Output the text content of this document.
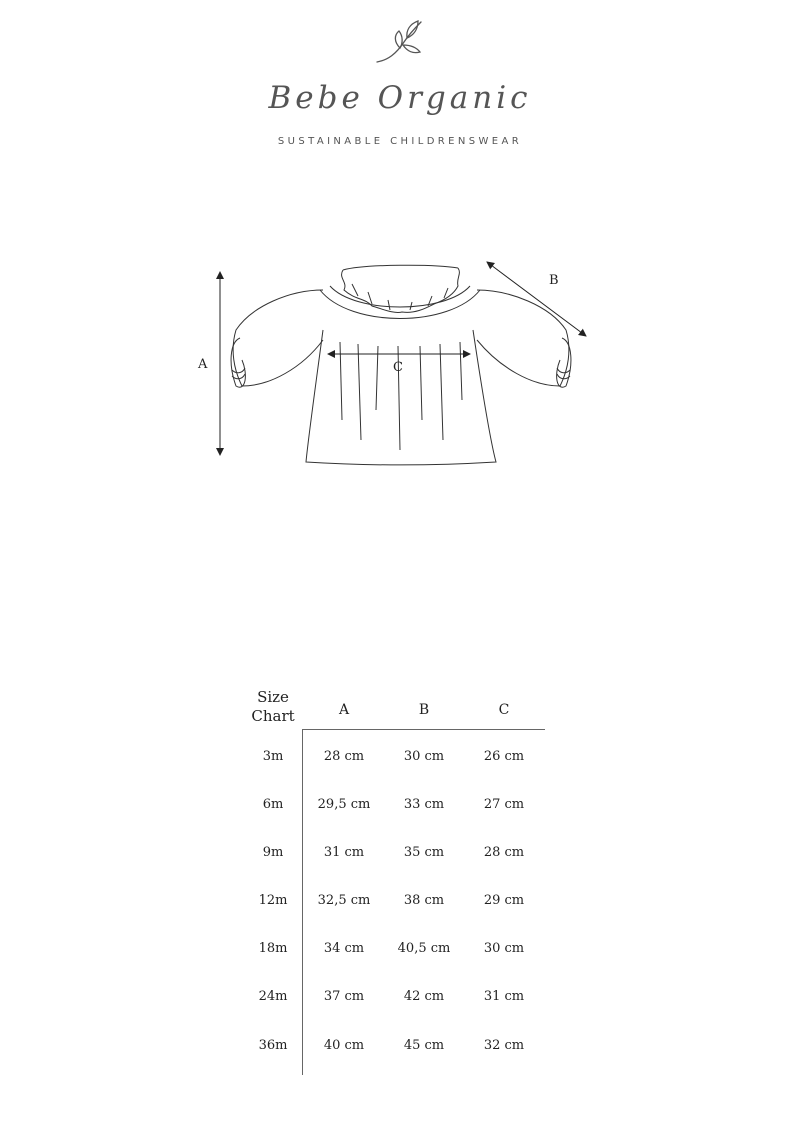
Bebe Organic
SUSTAINABLE CHILDRENSWEAR
A
B
C
Size
Chart	A	B	C
3m	28 cm	30 cm	26 cm
6m	29,5 cm	33 cm	27 cm
9m	31 cm	35 cm	28 cm
12m	32,5 cm	38 cm	29 cm
18m	34 cm	40,5 cm	30 cm
24m	37 cm	42 cm	31 cm
36m	40 cm	45 cm	32 cm
